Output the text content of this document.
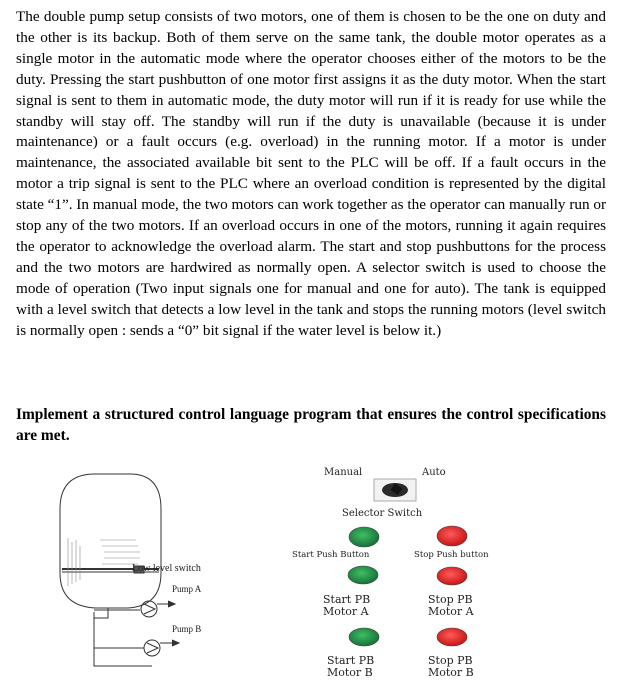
The double pump setup consists of two motors, one of them is chosen to be the one on duty and the other is its backup. Both of them serve on the same tank, the double motor operates as a single motor in the automatic mode where the operator chooses either of the motors to be the duty. Pressing the start pushbutton of one motor first assigns it as the duty motor. When the start signal is sent to them in automatic mode, the duty motor will run if it is ready for use while the standby will stay off. The standby will run if the duty is unavailable (because it is under maintenance) or a fault occurs (e.g. overload) in the running motor. If a motor is under maintenance, the associated available bit sent to the PLC will be off. If a fault occurs in the motor a trip signal is sent to the PLC where an overload condition is represented by the digital state “1”. In manual mode, the two motors can work together as the operator can manually run or stop any of the two motors. If an overload occurs in one of the motors, running it again requires the operator to acknowledge the overload alarm. The start and stop pushbuttons for the process and the two motors are hardwired as normally open. A selector switch is used to choose the mode of operation (Two input signals one for manual and one for auto). The tank is equipped with a level switch that detects a low level in the tank and stops the running motors (level switch is normally open : sends a “0” bit signal if the water level is below it.)

Implement a structured control language program that ensures the control specifications are met.

Low level switch
Pump A
Pump B
Manual	Auto
Selector Switch
Start Push Button	Stop Push button
Start PB
Motor A
Stop PB
Motor A
Start PB
Motor B
Stop PB
Motor B
